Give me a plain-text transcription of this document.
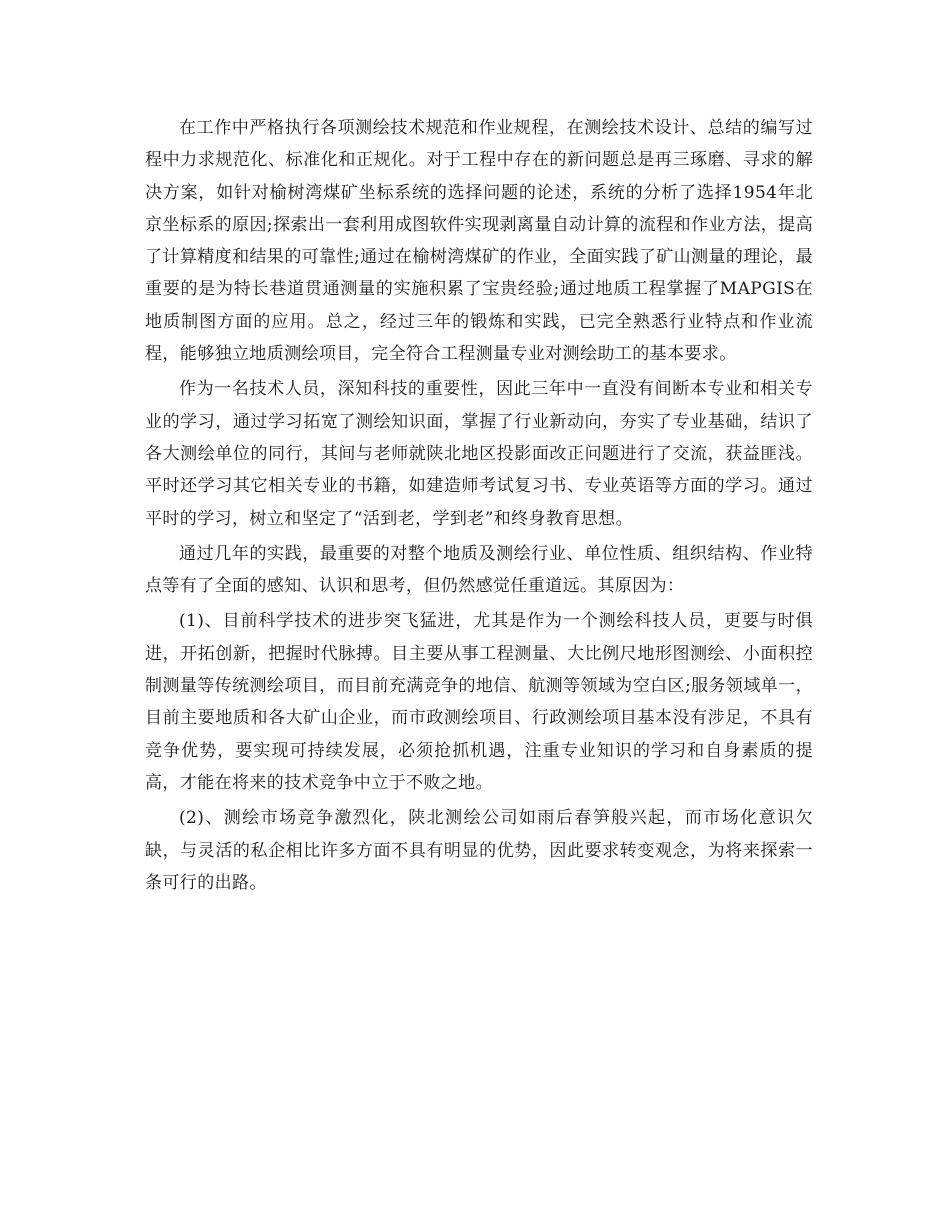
在工作中严格执行各项测绘技术规范和作业规程，在测绘技术设计、总结的编写过程中力求规范化、标准化和正规化。对于工程中存在的新问题总是再三琢磨、寻求的解决方案，如针对榆树湾煤矿坐标系统的选择问题的论述，系统的分析了选择1954年北京坐标系的原因;探索出一套利用成图软件实现剥离量自动计算的流程和作业方法，提高了计算精度和结果的可靠性;通过在榆树湾煤矿的作业，全面实践了矿山测量的理论，最重要的是为特长巷道贯通测量的实施积累了宝贵经验;通过地质工程掌握了MAPGIS在地质制图方面的应用。总之，经过三年的锻炼和实践，已完全熟悉行业特点和作业流程，能够独立地质测绘项目，完全符合工程测量专业对测绘助工的基本要求。

作为一名技术人员，深知科技的重要性，因此三年中一直没有间断本专业和相关专业的学习，通过学习拓宽了测绘知识面，掌握了行业新动向，夯实了专业基础，结识了各大测绘单位的同行，其间与老师就陕北地区投影面改正问题进行了交流，获益匪浅。平时还学习其它相关专业的书籍，如建造师考试复习书、专业英语等方面的学习。通过平时的学习，树立和坚定了“活到老，学到老”和终身教育思想。

通过几年的实践，最重要的对整个地质及测绘行业、单位性质、组织结构、作业特点等有了全面的感知、认识和思考，但仍然感觉任重道远。其原因为：

(1)、目前科学技术的进步突飞猛进，尤其是作为一个测绘科技人员，更要与时俱进，开拓创新，把握时代脉搏。目主要从事工程测量、大比例尺地形图测绘、小面积控制测量等传统测绘项目，而目前充满竞争的地信、航测等领域为空白区;服务领域单一，目前主要地质和各大矿山企业，而市政测绘项目、行政测绘项目基本没有涉足，不具有竞争优势，要实现可持续发展，必须抢抓机遇，注重专业知识的学习和自身素质的提高，才能在将来的技术竞争中立于不败之地。

(2)、测绘市场竞争激烈化，陕北测绘公司如雨后春笋般兴起，而市场化意识欠缺，与灵活的私企相比许多方面不具有明显的优势，因此要求转变观念，为将来探索一条可行的出路。
